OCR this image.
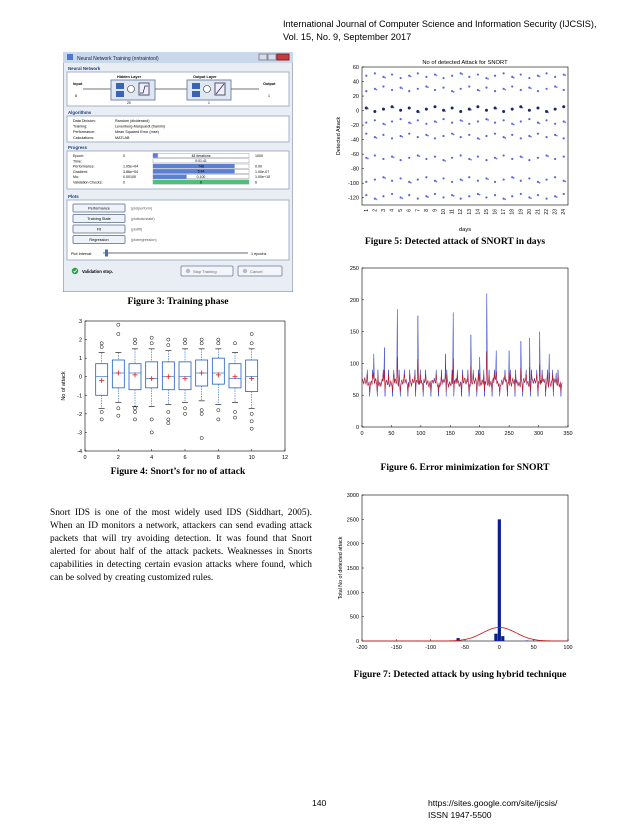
International Journal of Computer Science and Information Security (IJCSIS),
Vol. 15, No. 9, September 2017
Neural Network Training (nntraintool)
Neural Network
Input
8
Hidden Layer	Output Layer
Output
20	1
1
Algorithms
Data Division:	Random (dividerand)
Training:	Levenberg-Marquardt (trainlm)
Performance:	Mean Squared Error (mse)
Calculations:	MATLAB
Progress
Epoch:	0	48 iterations	1000
Time:	0:01:41
Performance:	1.05e+04	748	0.00
Gradient:	3.86e+04	5.44	1.00e-07
Mu:	0.00100	0.100	1.00e+10
Validation Checks:	0	6	6
Plots
Performance	(plotperform)
Training State	(plottrainstate)
Fit	(plotfit)
Regression	(plotregression)
Plot Interval:	1 epochs
Validation stop.	Stop Training	Cancel
Figure 3: Training phase
0	2	4	6	8	10	12
-4
-3
-2
-1
0
1
2
3
No of attack
Figure 4: Snort’s for no of attack
Snort IDS is one of the most widely used IDS (Siddhart, 2005). When an ID monitors a network, attackers can send evading attack packets that will try avoiding detection. It was found that Snort alerted for about half of the attack packets. Weaknesses in Snorts capabilities in detecting certain evasion attacks where found, which can be solved by creating customized rules.
No of detected Attack for SNORT
60
40
20
0
-20
-40
-60
-80
-100
-120
1 2 3 4 5 6 7 8 9 10 11 12 13 14 15 16 17 18 19 20 21 22 23 24
days
Detected Attack
Figure 5: Detected attack of SNORT in days
0	50	100	150	200	250	300	350
0
50
100
150
200
250
Figure 6. Error minimization for SNORT
-200	-150	-100	-50	0	50	100
0
500
1000
1500
2000
2500
3000
Total No of detected attack
Figure 7: Detected attack by using hybrid technique
140	https://sites.google.com/site/ijcsis/
ISSN 1947-5500
